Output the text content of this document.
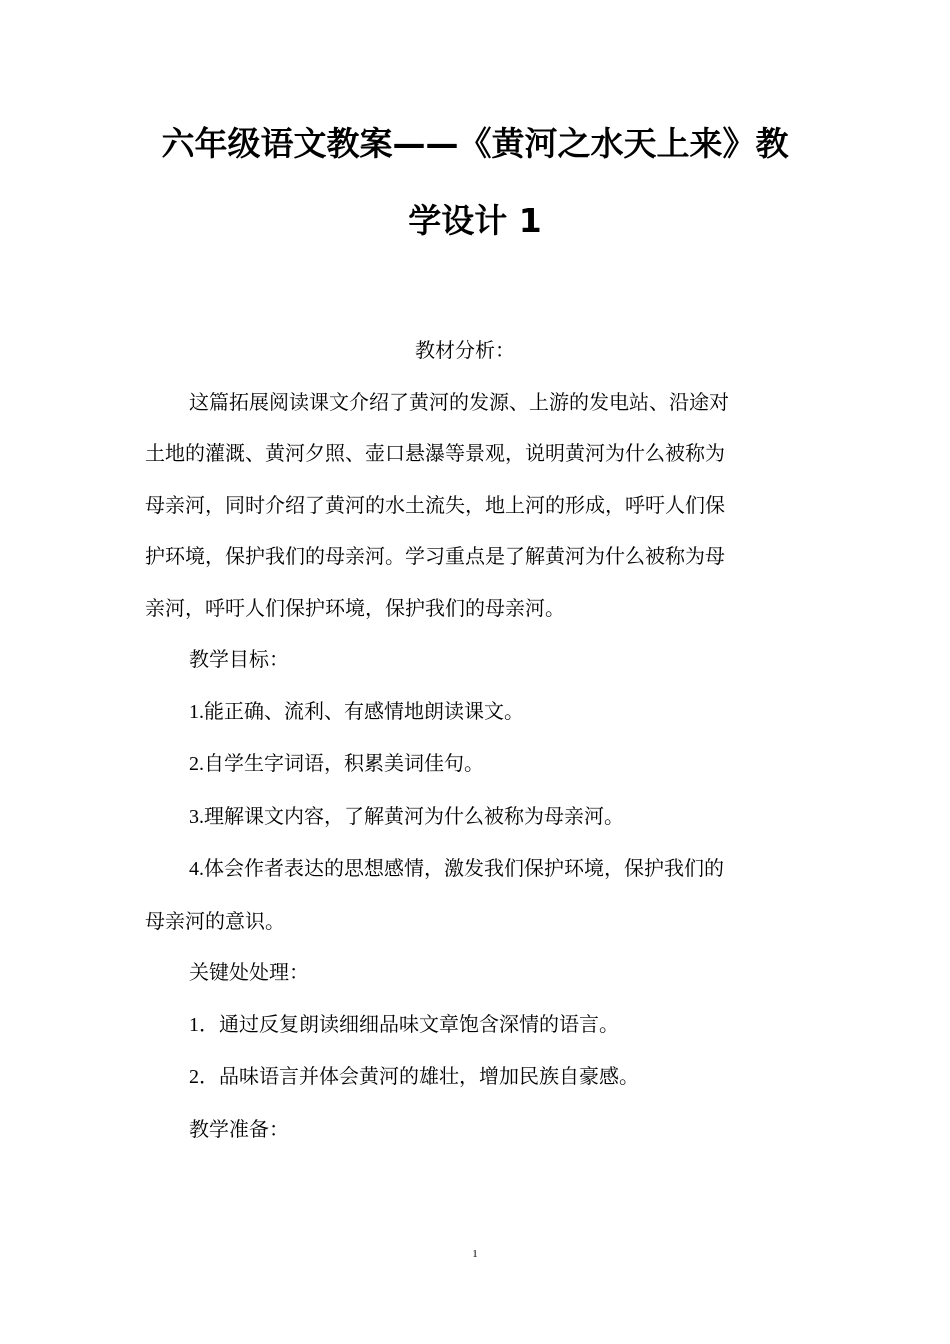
六年级语文教案——《黄河之水天上来》教
学设计 1

教材分析：

这篇拓展阅读课文介绍了黄河的发源、上游的发电站、沿途对

土地的灌溉、黄河夕照、壶口悬瀑等景观，说明黄河为什么被称为

母亲河，同时介绍了黄河的水土流失，地上河的形成，呼吁人们保

护环境，保护我们的母亲河。学习重点是了解黄河为什么被称为母

亲河，呼吁人们保护环境，保护我们的母亲河。

教学目标：

1.能正确、流利、有感情地朗读课文。

2.自学生字词语，积累美词佳句。

3.理解课文内容，了解黄河为什么被称为母亲河。

4.体会作者表达的思想感情，激发我们保护环境，保护我们的

母亲河的意识。

关键处处理：

1．通过反复朗读细细品味文章饱含深情的语言。

2．品味语言并体会黄河的雄壮，增加民族自豪感。

教学准备：

1
